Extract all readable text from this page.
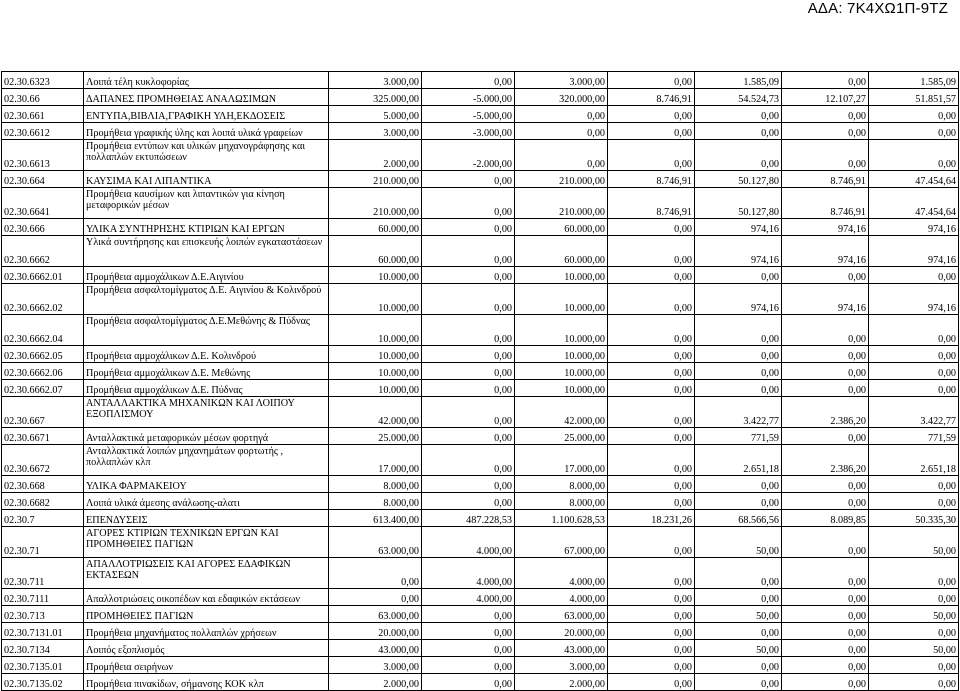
ΑΔΑ: 7Κ4ΧΩ1Π-9ΤΖ
02.30.6323	Λοιπά τέλη κυκλοφορίας	3.000,00	0,00	3.000,00	0,00	1.585,09	0,00	1.585,09
02.30.66	ΔΑΠΑΝΕΣ ΠΡΟΜΗΘΕΙΑΣ ΑΝΑΛΩΣΙΜΩΝ	325.000,00	-5.000,00	320.000,00	8.746,91	54.524,73	12.107,27	51.851,57
02.30.661	ΕΝΤΥΠΑ,ΒΙΒΛΙΑ,ΓΡΑΦΙΚΗ ΥΛΗ,ΕΚΔΟΣΕΙΣ	5.000,00	-5.000,00	0,00	0,00	0,00	0,00	0,00
02.30.6612	Προμήθεια γραφικής ύλης και λοιπά υλικά γραφείων	3.000,00	-3.000,00	0,00	0,00	0,00	0,00	0,00
02.30.6613	Προμήθεια εντύπων και υλικών μηχανογράφησης και πολλαπλών εκτυπώσεων	2.000,00	-2.000,00	0,00	0,00	0,00	0,00	0,00
02.30.664	ΚΑΥΣΙΜΑ ΚΑΙ ΛΙΠΑΝΤΙΚΑ	210.000,00	0,00	210.000,00	8.746,91	50.127,80	8.746,91	47.454,64
02.30.6641	Προμήθεια καυσίμων και λιπαντικών για κίνηση μεταφορικών μέσων	210.000,00	0,00	210.000,00	8.746,91	50.127,80	8.746,91	47.454,64
02.30.666	ΥΛΙΚΑ ΣΥΝΤΗΡΗΣΗΣ ΚΤΙΡΙΩΝ ΚΑΙ ΕΡΓΩΝ	60.000,00	0,00	60.000,00	0,00	974,16	974,16	974,16
02.30.6662	Υλικά συντήρησης και επισκευής λοιπών εγκαταστάσεων	60.000,00	0,00	60.000,00	0,00	974,16	974,16	974,16
02.30.6662.01	Προμήθεια αμμοχάλικων Δ.Ε.Αιγινίου	10.000,00	0,00	10.000,00	0,00	0,00	0,00	0,00
02.30.6662.02	Προμήθεια ασφαλτομίγματος Δ.Ε. Αιγινίου & Κολινδρού	10.000,00	0,00	10.000,00	0,00	974,16	974,16	974,16
02.30.6662.04	Προμήθεια ασφαλτομίγματος Δ.Ε.Μεθώνης & Πύδνας	10.000,00	0,00	10.000,00	0,00	0,00	0,00	0,00
02.30.6662.05	Προμήθεια αμμοχάλικων Δ.Ε. Κολινδρού	10.000,00	0,00	10.000,00	0,00	0,00	0,00	0,00
02.30.6662.06	Προμήθεια αμμοχάλικων Δ.Ε. Μεθώνης	10.000,00	0,00	10.000,00	0,00	0,00	0,00	0,00
02.30.6662.07	Προμήθεια αμμοχάλικων Δ.Ε. Πύδνας	10.000,00	0,00	10.000,00	0,00	0,00	0,00	0,00
02.30.667	ΑΝΤΑΛΛΑΚΤΙΚΑ ΜΗΧΑΝΙΚΩΝ ΚΑΙ ΛΟΙΠΟΥ ΕΞΟΠΛΙΣΜΟΥ	42.000,00	0,00	42.000,00	0,00	3.422,77	2.386,20	3.422,77
02.30.6671	Ανταλλακτικά μεταφορικών μέσων φορτηγά	25.000,00	0,00	25.000,00	0,00	771,59	0,00	771,59
02.30.6672	Ανταλλακτικά λοιπών μηχανημάτων φορτωτής , πολλαπλών κλπ	17.000,00	0,00	17.000,00	0,00	2.651,18	2.386,20	2.651,18
02.30.668	ΥΛΙΚΑ ΦΑΡΜΑΚΕΙΟΥ	8.000,00	0,00	8.000,00	0,00	0,00	0,00	0,00
02.30.6682	Λοιπά υλικά άμεσης ανάλωσης-αλατι	8.000,00	0,00	8.000,00	0,00	0,00	0,00	0,00
02.30.7	ΕΠΕΝΔΥΣΕΙΣ	613.400,00	487.228,53	1.100.628,53	18.231,26	68.566,56	8.089,85	50.335,30
02.30.71	ΑΓΟΡΕΣ ΚΤΙΡΙΩΝ ΤΕΧΝΙΚΩΝ ΕΡΓΩΝ ΚΑΙ ΠΡΟΜΗΘΕΙΕΣ ΠΑΓΙΩΝ	63.000,00	4.000,00	67.000,00	0,00	50,00	0,00	50,00
02.30.711	ΑΠΑΛΛΟΤΡΙΩΣΕΙΣ ΚΑΙ ΑΓΟΡΕΣ ΕΔΑΦΙΚΩΝ ΕΚΤΑΣΕΩΝ	0,00	4.000,00	4.000,00	0,00	0,00	0,00	0,00
02.30.7111	Απαλλοτριώσεις οικοπέδων και εδαφικών εκτάσεων	0,00	4.000,00	4.000,00	0,00	0,00	0,00	0,00
02.30.713	ΠΡΟΜΗΘΕΙΕΣ ΠΑΓΙΩΝ	63.000,00	0,00	63.000,00	0,00	50,00	0,00	50,00
02.30.7131.01	Προμήθεια μηχανήματος πολλαπλών χρήσεων	20.000,00	0,00	20.000,00	0,00	0,00	0,00	0,00
02.30.7134	Λοιπός εξοπλισμός	43.000,00	0,00	43.000,00	0,00	50,00	0,00	50,00
02.30.7135.01	Προμήθεια σειρήνων	3.000,00	0,00	3.000,00	0,00	0,00	0,00	0,00
02.30.7135.02	Προμήθεια πινακίδων, σήμανσης ΚΟΚ κλπ	2.000,00	0,00	2.000,00	0,00	0,00	0,00	0,00
